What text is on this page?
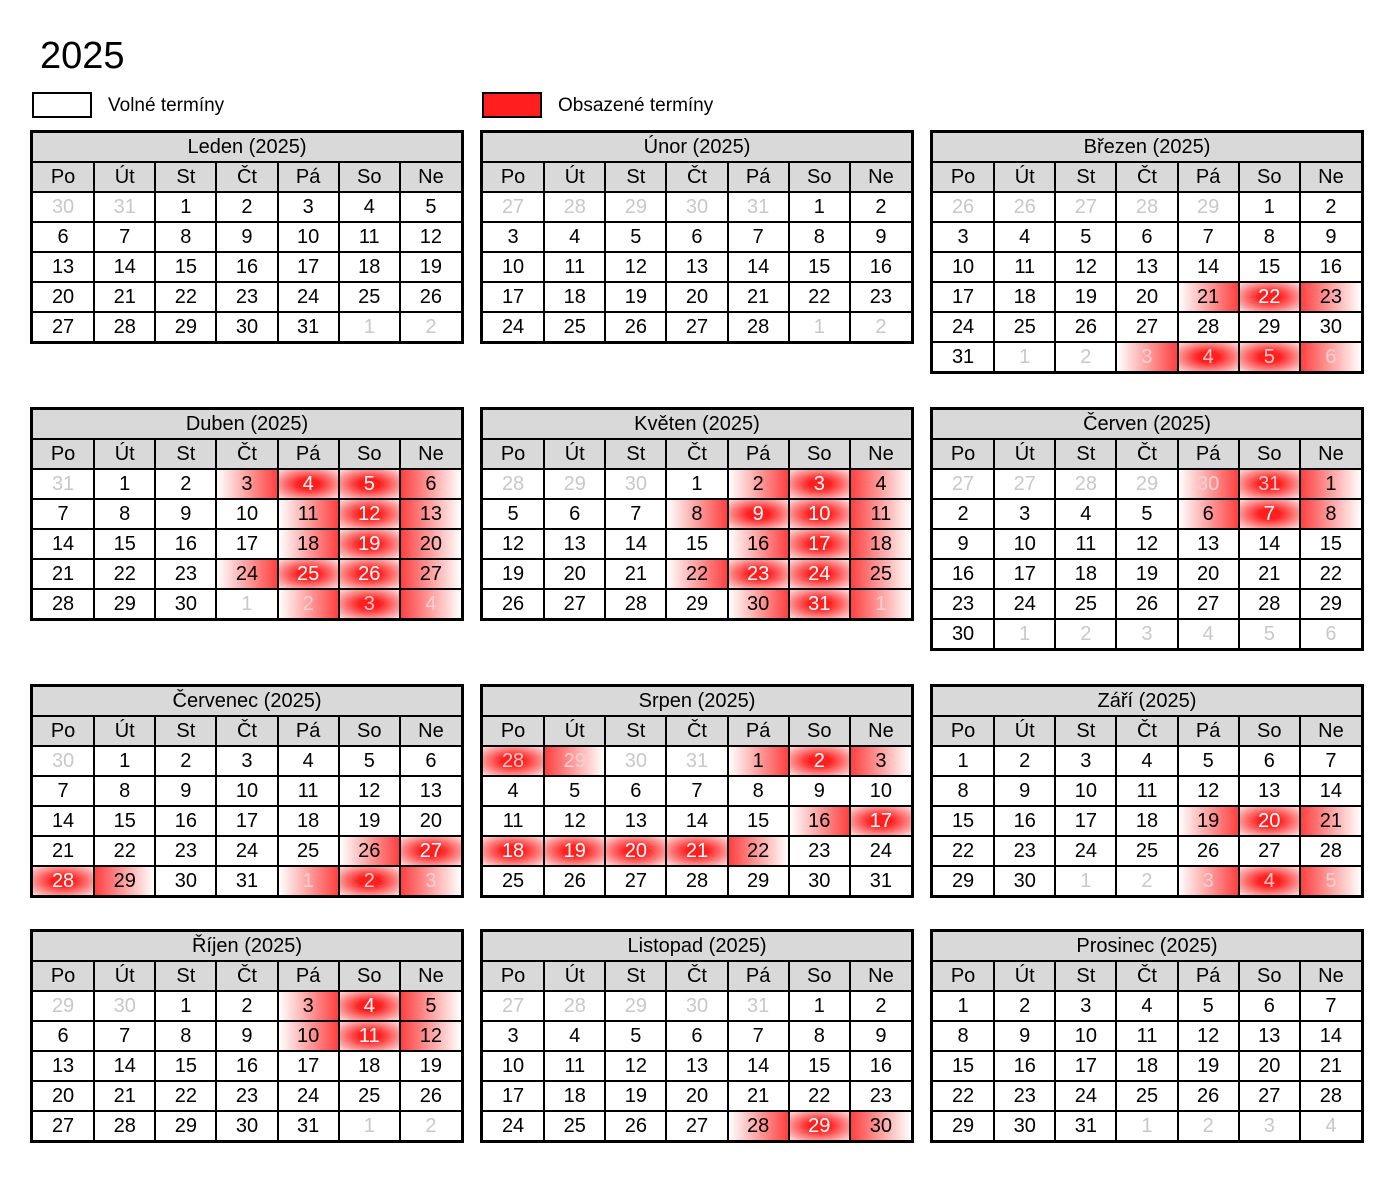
2025
Volné termíny	Obsazené termíny
Leden (2025)						
Po	Út	St	Čt	Pá	So	Ne
30	31	1	2	3	4	5
6	7	8	9	10	11	12
13	14	15	16	17	18	19
20	21	22	23	24	25	26
27	28	29	30	31	1	2
Únor (2025)						
Po	Út	St	Čt	Pá	So	Ne
27	28	29	30	31	1	2
3	4	5	6	7	8	9
10	11	12	13	14	15	16
17	18	19	20	21	22	23
24	25	26	27	28	1	2
Březen (2025)						
Po	Út	St	Čt	Pá	So	Ne
26	26	27	28	29	1	2
3	4	5	6	7	8	9
10	11	12	13	14	15	16
17	18	19	20	21	22	23
24	25	26	27	28	29	30
31	1	2	3	4	5	6
Duben (2025)						
Po	Út	St	Čt	Pá	So	Ne
31	1	2	3	4	5	6
7	8	9	10	11	12	13
14	15	16	17	18	19	20
21	22	23	24	25	26	27
28	29	30	1	2	3	4
Květen (2025)						
Po	Út	St	Čt	Pá	So	Ne
28	29	30	1	2	3	4
5	6	7	8	9	10	11
12	13	14	15	16	17	18
19	20	21	22	23	24	25
26	27	28	29	30	31	1
Červen (2025)						
Po	Út	St	Čt	Pá	So	Ne
27	27	28	29	30	31	1
2	3	4	5	6	7	8
9	10	11	12	13	14	15
16	17	18	19	20	21	22
23	24	25	26	27	28	29
30	1	2	3	4	5	6
Červenec (2025)						
Po	Út	St	Čt	Pá	So	Ne
30	1	2	3	4	5	6
7	8	9	10	11	12	13
14	15	16	17	18	19	20
21	22	23	24	25	26	27
28	29	30	31	1	2	3
Srpen (2025)						
Po	Út	St	Čt	Pá	So	Ne
28	29	30	31	1	2	3
4	5	6	7	8	9	10
11	12	13	14	15	16	17
18	19	20	21	22	23	24
25	26	27	28	29	30	31
Září (2025)						
Po	Út	St	Čt	Pá	So	Ne
1	2	3	4	5	6	7
8	9	10	11	12	13	14
15	16	17	18	19	20	21
22	23	24	25	26	27	28
29	30	1	2	3	4	5
Říjen (2025)						
Po	Út	St	Čt	Pá	So	Ne
29	30	1	2	3	4	5
6	7	8	9	10	11	12
13	14	15	16	17	18	19
20	21	22	23	24	25	26
27	28	29	30	31	1	2
Listopad (2025)						
Po	Út	St	Čt	Pá	So	Ne
27	28	29	30	31	1	2
3	4	5	6	7	8	9
10	11	12	13	14	15	16
17	18	19	20	21	22	23
24	25	26	27	28	29	30
Prosinec (2025)						
Po	Út	St	Čt	Pá	So	Ne
1	2	3	4	5	6	7
8	9	10	11	12	13	14
15	16	17	18	19	20	21
22	23	24	25	26	27	28
29	30	31	1	2	3	4
